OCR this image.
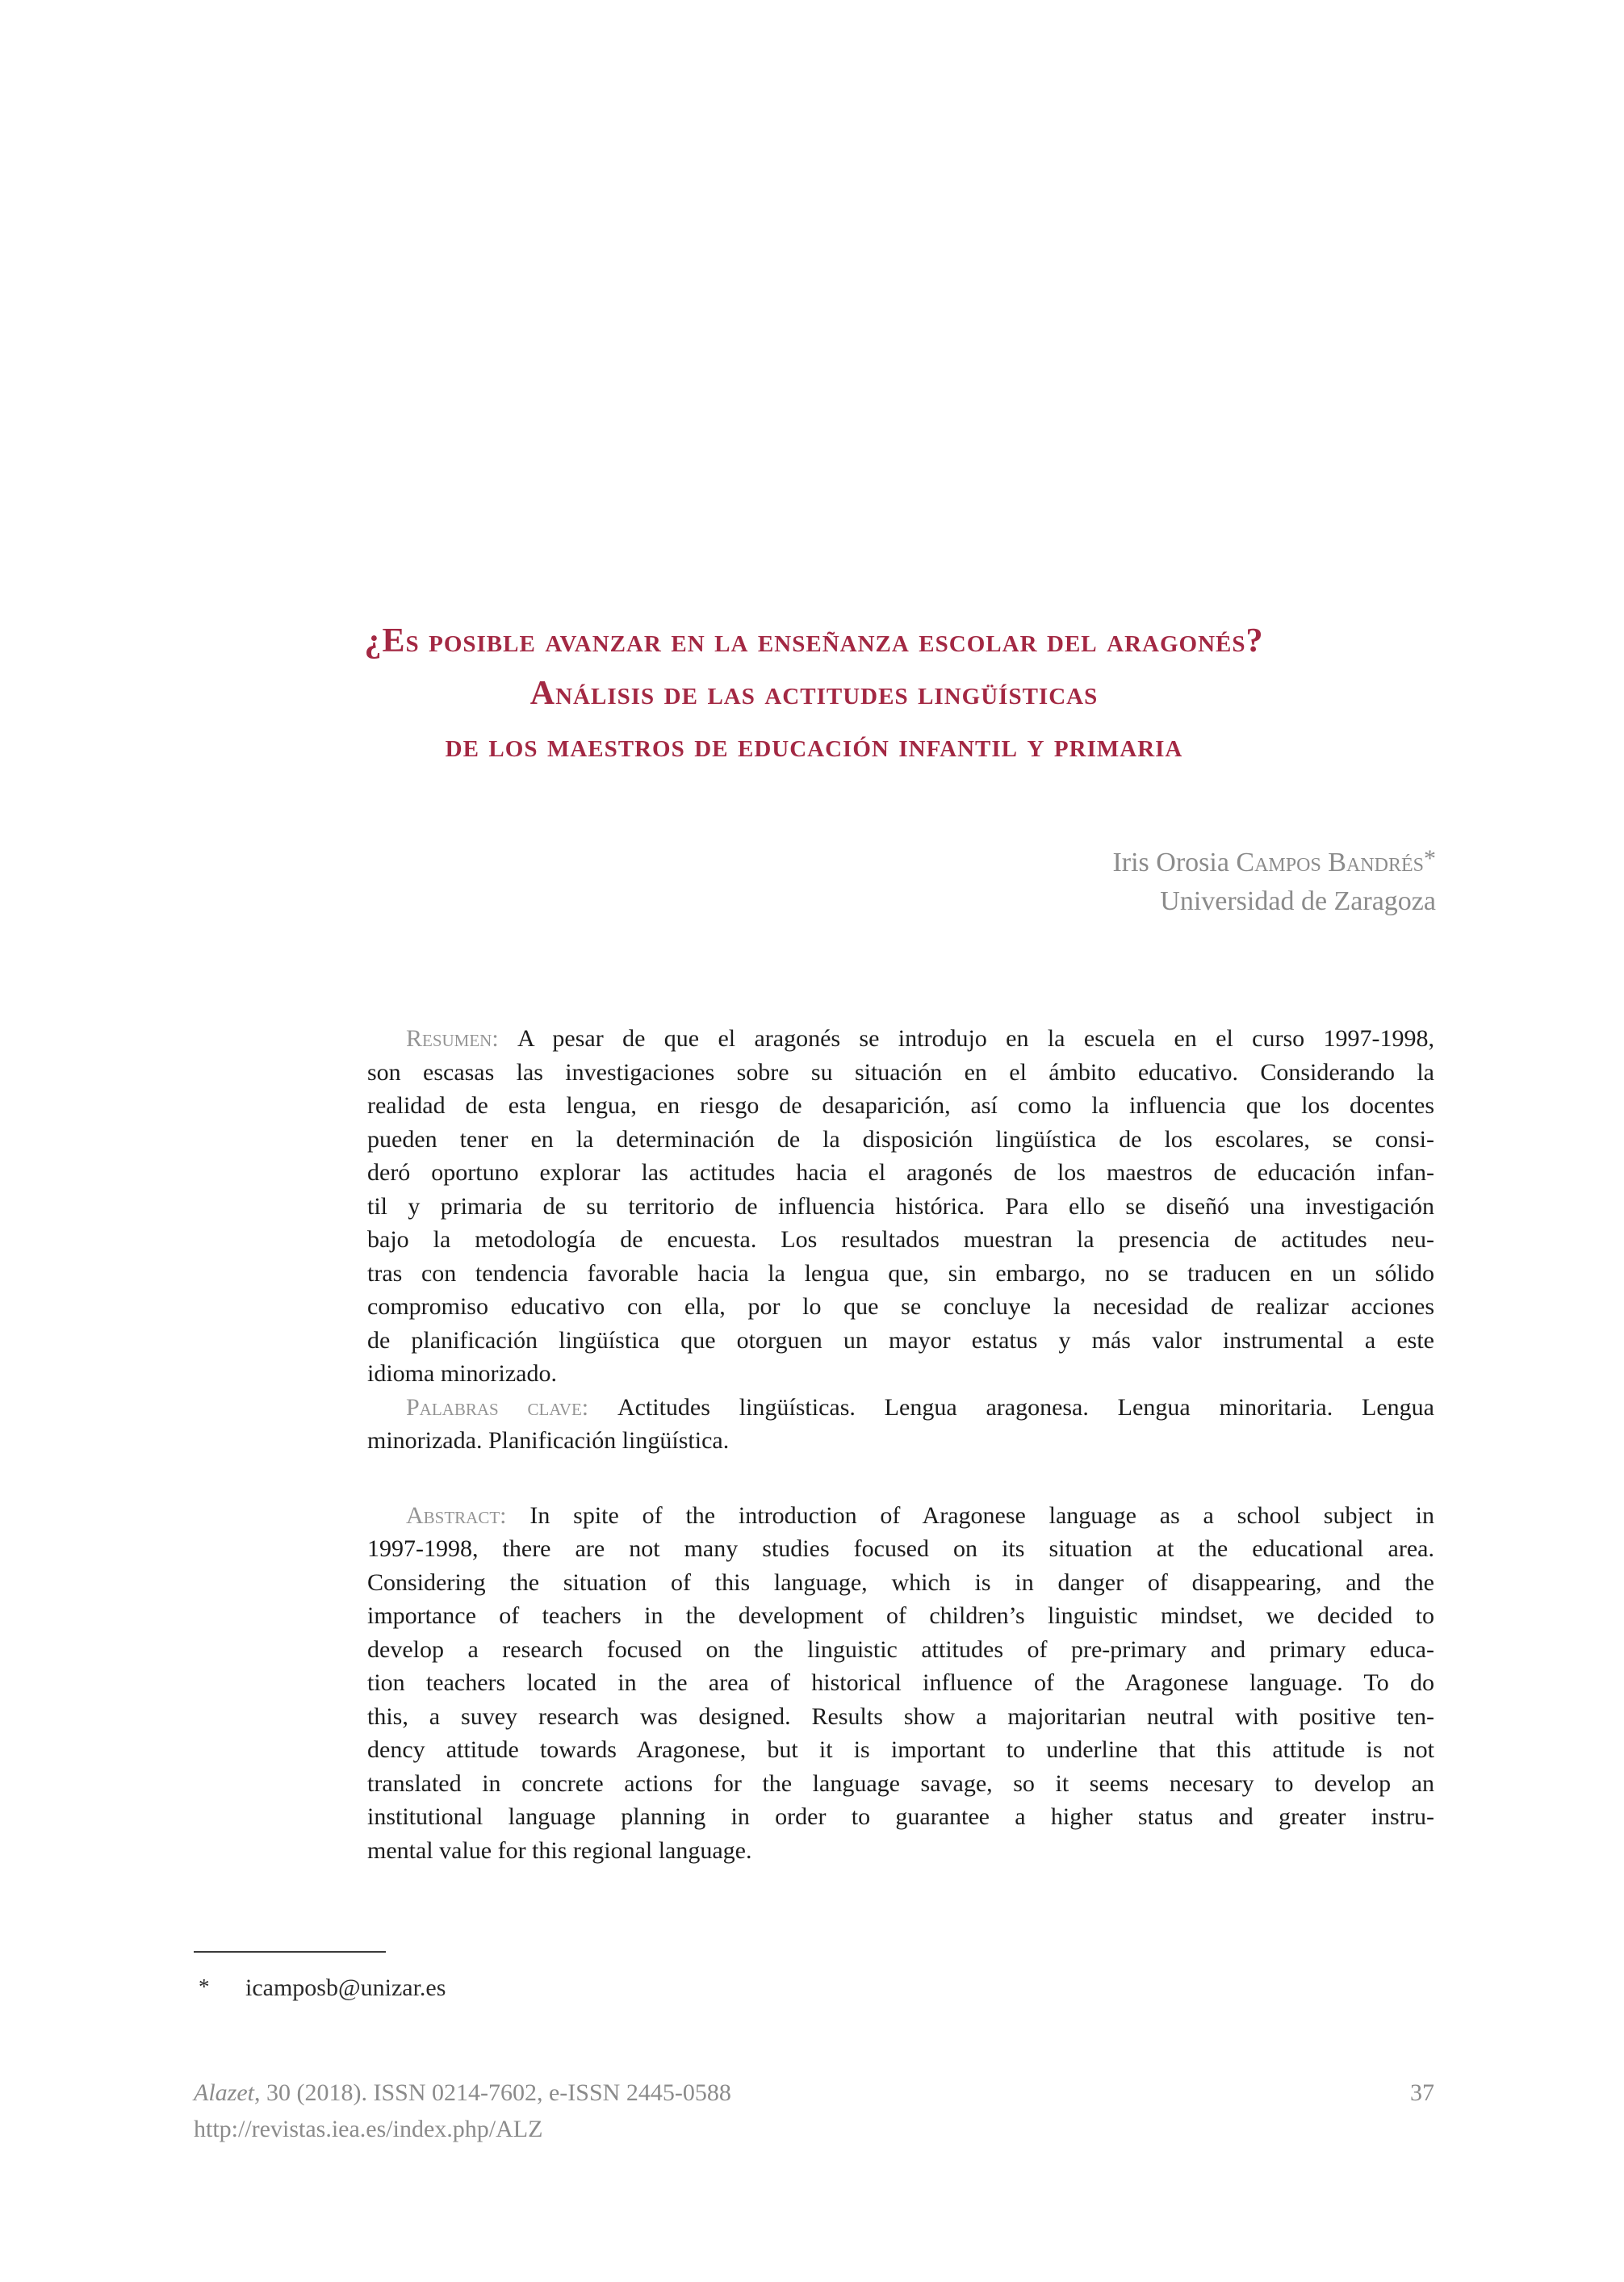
¿Es posible avanzar en la enseñanza escolar del aragonés?
Análisis de las actitudes lingüísticas
de los maestros de educación infantil y primaria
Iris Orosia Campos Bandrés*
Universidad de Zaragoza
Resumen: A pesar de que el aragonés se introdujo en la escuela en el curso 1997-1998,
son escasas las investigaciones sobre su situación en el ámbito educativo. Considerando la
realidad de esta lengua, en riesgo de desaparición, así como la influencia que los docentes
pueden tener en la determinación de la disposición lingüística de los escolares, se consi-
deró oportuno explorar las actitudes hacia el aragonés de los maestros de educación infan-
til y primaria de su territorio de influencia histórica. Para ello se diseñó una investigación
bajo la metodología de encuesta. Los resultados muestran la presencia de actitudes neu-
tras con tendencia favorable hacia la lengua que, sin embargo, no se traducen en un sólido
compromiso educativo con ella, por lo que se concluye la necesidad de realizar acciones
de planificación lingüística que otorguen un mayor estatus y más valor instrumental a este
idioma minorizado.
Palabras clave: Actitudes lingüísticas. Lengua aragonesa. Lengua minoritaria. Lengua
minorizada. Planificación lingüística.
Abstract: In spite of the introduction of Aragonese language as a school subject in
1997-1998, there are not many studies focused on its situation at the educational area.
Considering the situation of this language, which is in danger of disappearing, and the
importance of teachers in the development of children’s linguistic mindset, we decided to
develop a research focused on the linguistic attitudes of pre-primary and primary educa-
tion teachers located in the area of historical influence of the Aragonese language. To do
this, a suvey research was designed. Results show a majoritarian neutral with positive ten-
dency attitude towards Aragonese, but it is important to underline that this attitude is not
translated in concrete actions for the language savage, so it seems necesary to develop an
institutional language planning in order to guarantee a higher status and greater instru-
mental value for this regional language.
* icamposb@unizar.es
37
Alazet, 30 (2018). ISSN 0214-7602, e-ISSN 2445-0588
http://revistas.iea.es/index.php/ALZ
